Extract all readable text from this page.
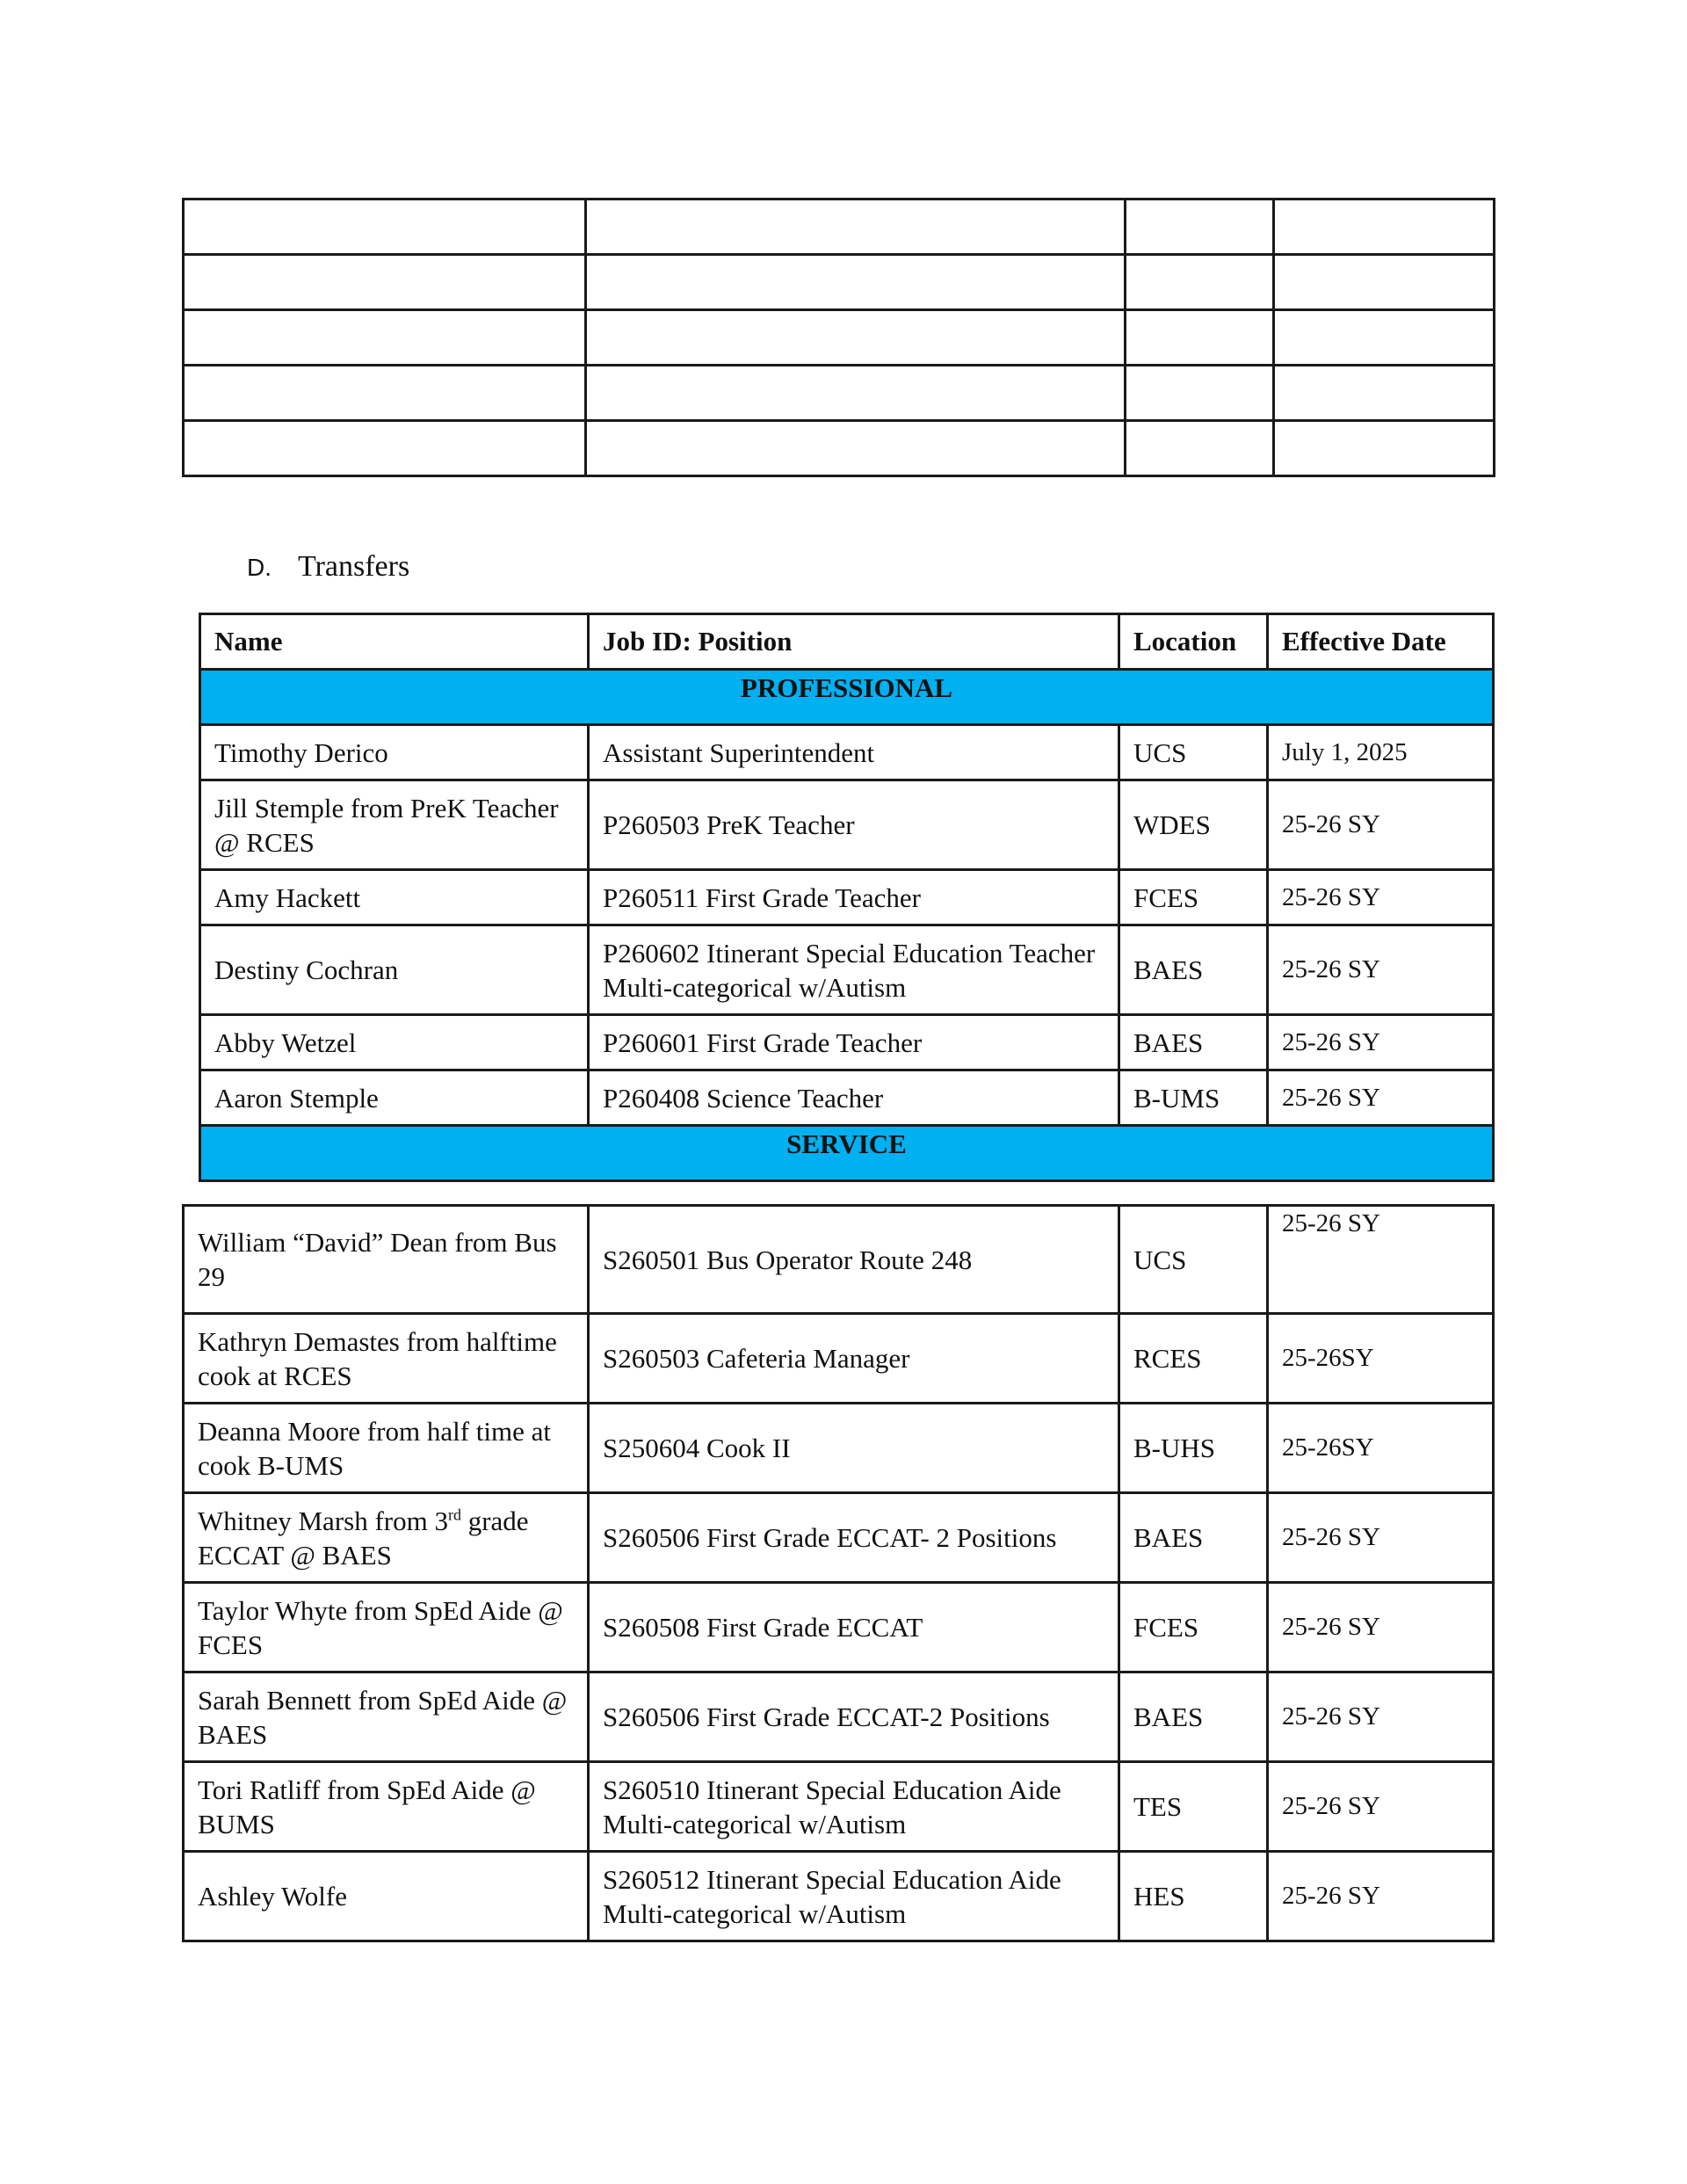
D. Transfers
Name	Job ID: Position	Location	Effective Date
PROFESSIONAL			
Timothy Derico	Assistant Superintendent	UCS	July 1, 2025
Jill Stemple from PreK Teacher @ RCES	P260503 PreK Teacher	WDES	25-26 SY
Amy Hackett	P260511 First Grade Teacher	FCES	25-26 SY
Destiny Cochran	P260602 Itinerant Special Education Teacher Multi-categorical w/Autism	BAES	25-26 SY
Abby Wetzel	P260601 First Grade Teacher	BAES	25-26 SY
Aaron Stemple	P260408 Science Teacher	B-UMS	25-26 SY
SERVICE			
William “David” Dean from Bus 29	S260501 Bus Operator Route 248	UCS	25-26 SY
Kathryn Demastes from halftime cook at RCES	S260503 Cafeteria Manager	RCES	25-26SY
Deanna Moore from half time at cook B-UMS	S250604 Cook II	B-UHS	25-26SY
Whitney Marsh from 3rd grade ECCAT @ BAES	S260506 First Grade ECCAT- 2 Positions	BAES	25-26 SY
Taylor Whyte from SpEd Aide @ FCES	S260508 First Grade ECCAT	FCES	25-26 SY
Sarah Bennett from SpEd Aide @ BAES	S260506 First Grade ECCAT-2 Positions	BAES	25-26 SY
Tori Ratliff from SpEd Aide @ BUMS	S260510 Itinerant Special Education Aide Multi-categorical w/Autism	TES	25-26 SY
Ashley Wolfe	S260512 Itinerant Special Education Aide Multi-categorical w/Autism	HES	25-26 SY
